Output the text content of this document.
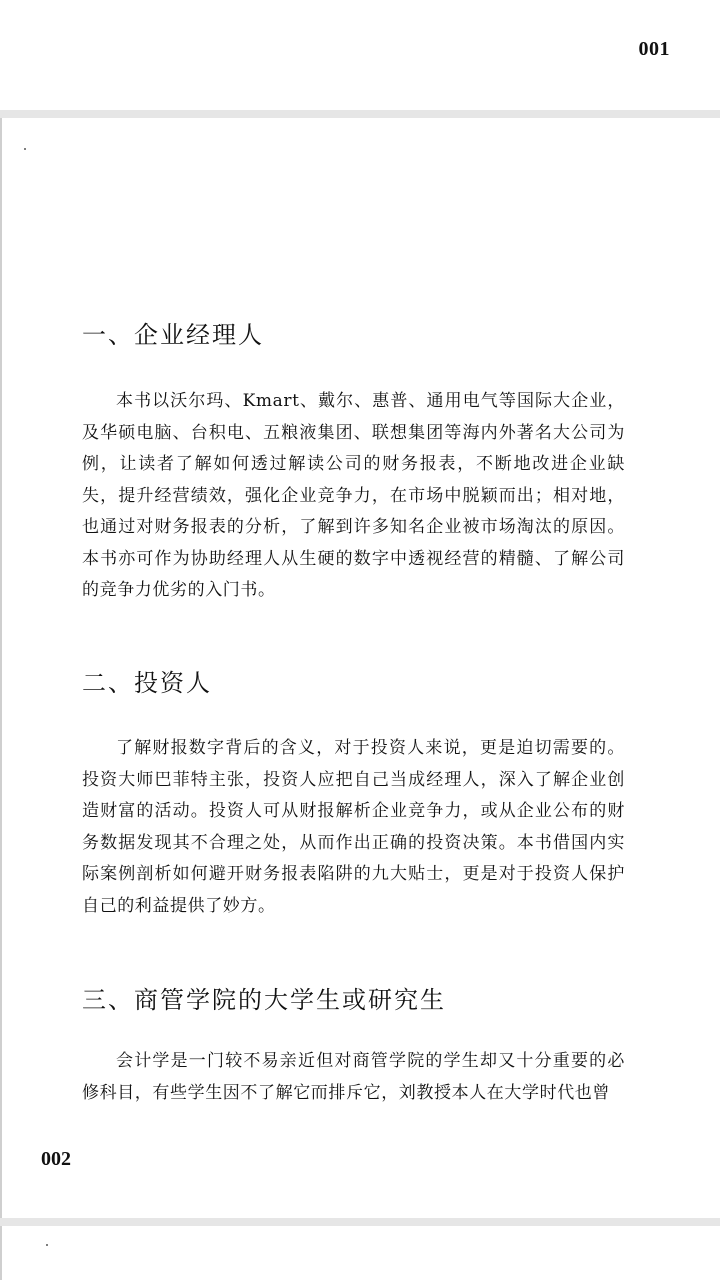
001
一、企业经理人

本书以沃尔玛、Kmart、戴尔、惠普、通用电气等国际大企业，及华硕电脑、台积电、五粮液集团、联想集团等海内外著名大公司为例，让读者了解如何透过解读公司的财务报表，不断地改进企业缺失，提升经营绩效，强化企业竞争力，在市场中脱颖而出；相对地，也通过对财务报表的分析，了解到许多知名企业被市场淘汰的原因。本书亦可作为协助经理人从生硬的数字中透视经营的精髓、了解公司的竞争力优劣的入门书。

二、投资人

了解财报数字背后的含义，对于投资人来说，更是迫切需要的。投资大师巴菲特主张，投资人应把自己当成经理人，深入了解企业创造财富的活动。投资人可从财报解析企业竞争力，或从企业公布的财务数据发现其不合理之处，从而作出正确的投资决策。本书借国内实际案例剖析如何避开财务报表陷阱的九大贴士，更是对于投资人保护自己的利益提供了妙方。

三、商管学院的大学生或研究生

会计学是一门较不易亲近但对商管学院的学生却又十分重要的必修科目，有些学生因不了解它而排斥它，刘教授本人在大学时代也曾

002
